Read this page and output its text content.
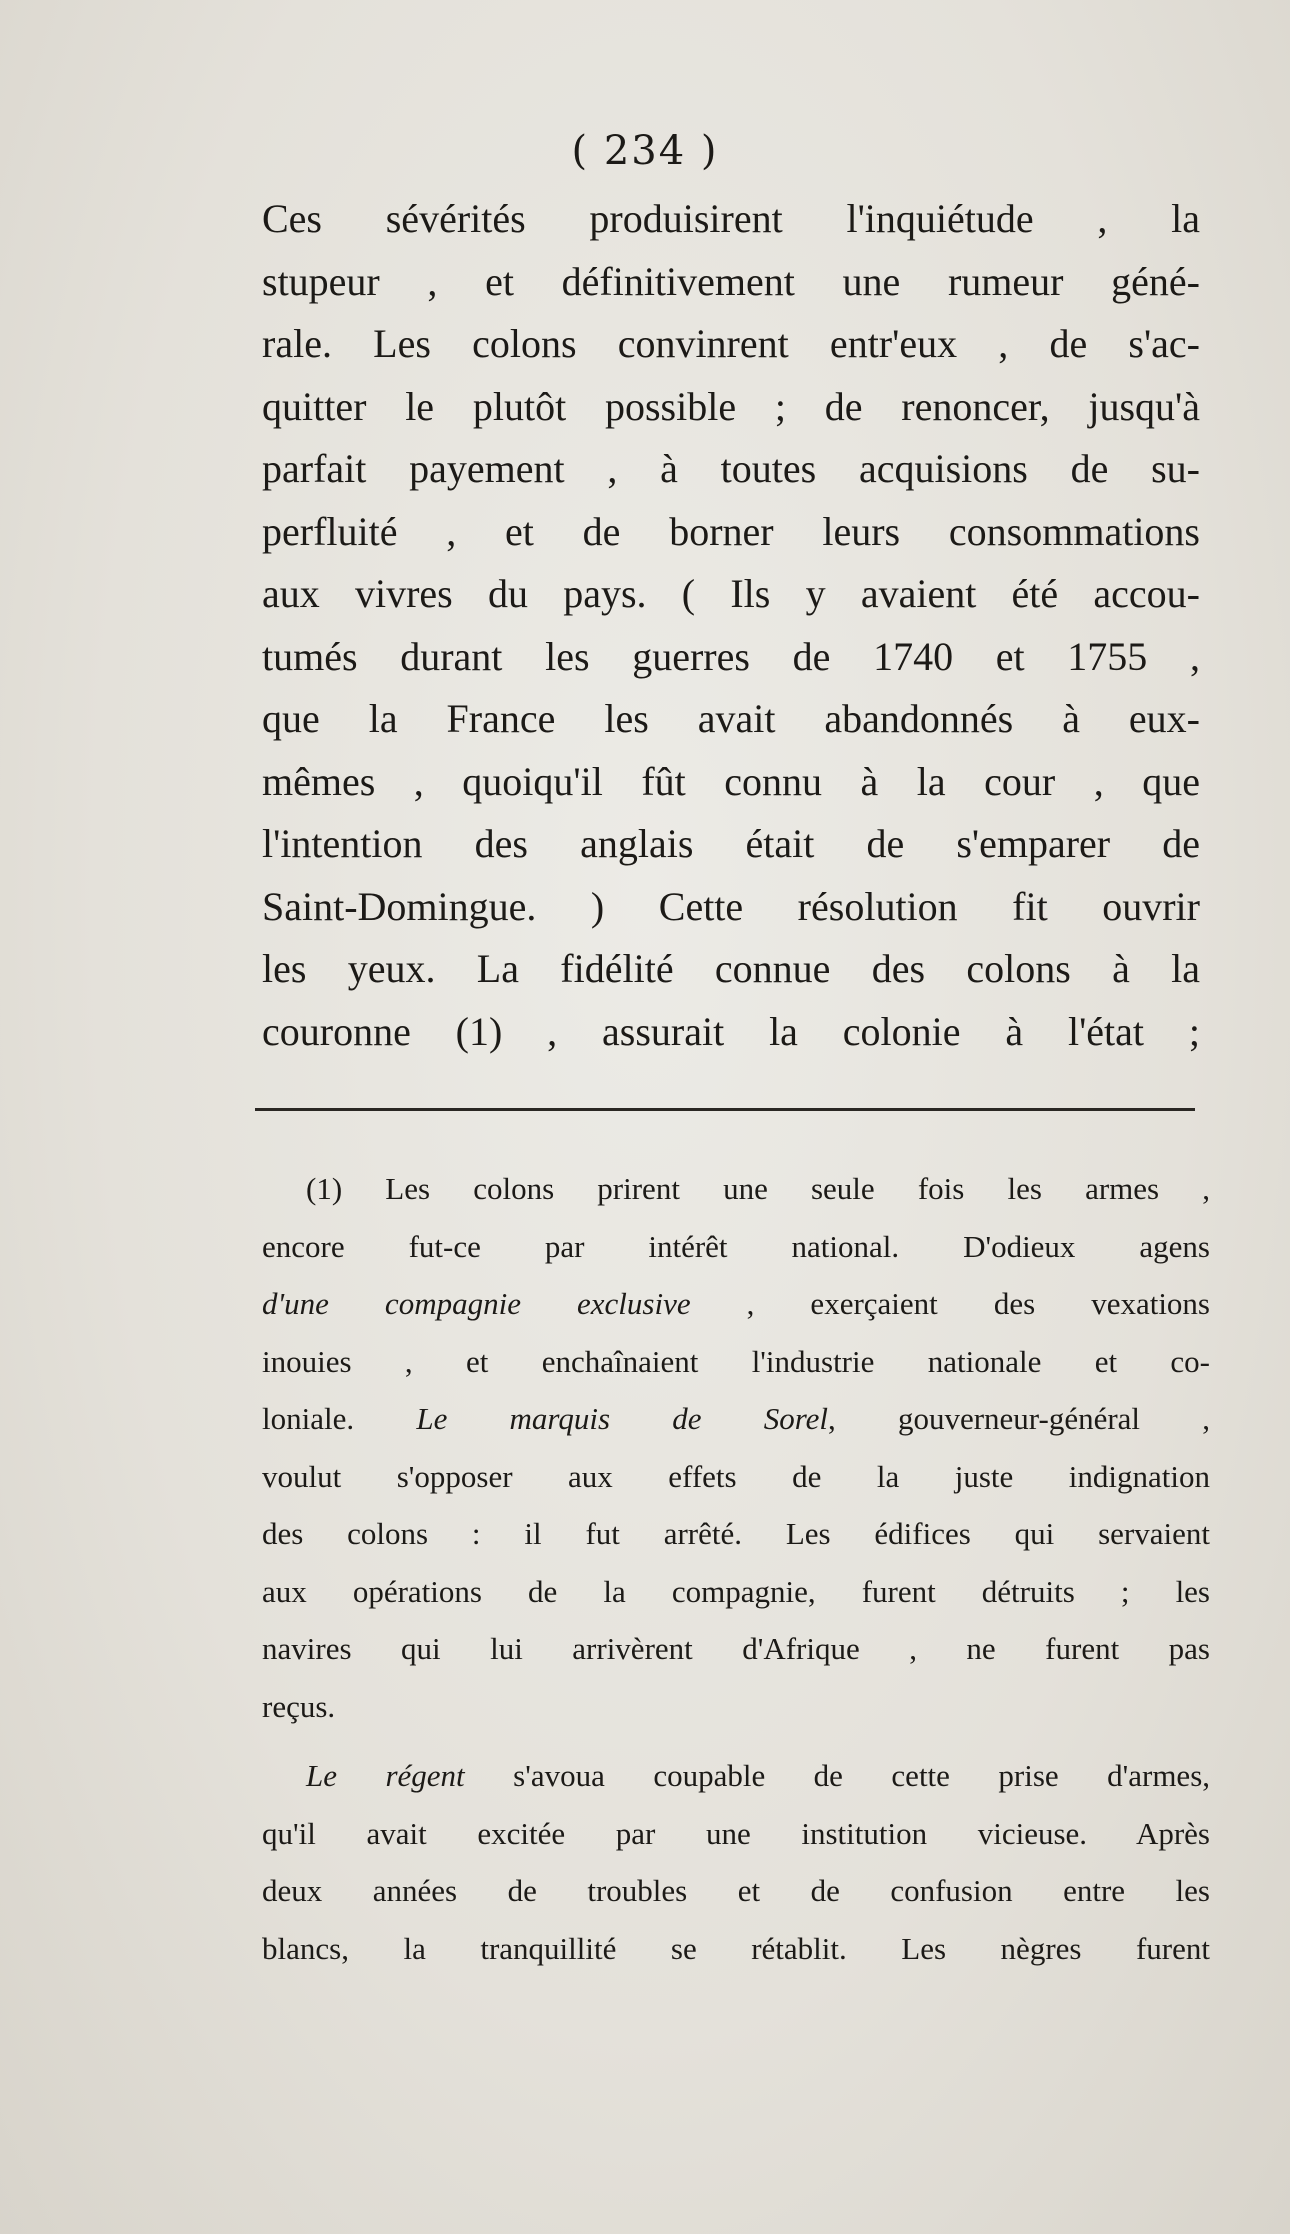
( 234 )
Ces sévérités produisirent l'inquiétude , la
stupeur , et définitivement une rumeur géné-
rale. Les colons convinrent entr'eux , de s'ac-
quitter le plutôt possible ; de renoncer, jusqu'à
parfait payement , à toutes acquisions de su-
perfluité , et de borner leurs consommations
aux vivres du pays. ( Ils y avaient été accou-
tumés durant les guerres de 1740 et 1755 ,
que la France les avait abandonnés à eux-
mêmes , quoiqu'il fût connu à la cour , que
l'intention des anglais était de s'emparer de
Saint-Domingue. ) Cette résolution fit ouvrir
les yeux. La fidélité connue des colons à la
couronne (1) , assurait la colonie à l'état ;
(1) Les colons prirent une seule fois les armes ,
encore fut-ce par intérêt national. D'odieux agens
d'une compagnie exclusive , exerçaient des vexations
inouies , et enchaînaient l'industrie nationale et co-
loniale. Le marquis de Sorel, gouverneur-général ,
voulut s'opposer aux effets de la juste indignation
des colons : il fut arrêté. Les édifices qui servaient
aux opérations de la compagnie, furent détruits ; les
navires qui lui arrivèrent d'Afrique , ne furent pas
reçus.
Le régent s'avoua coupable de cette prise d'armes,
qu'il avait excitée par une institution vicieuse. Après
deux années de troubles et de confusion entre les
blancs, la tranquillité se rétablit. Les nègres furent
